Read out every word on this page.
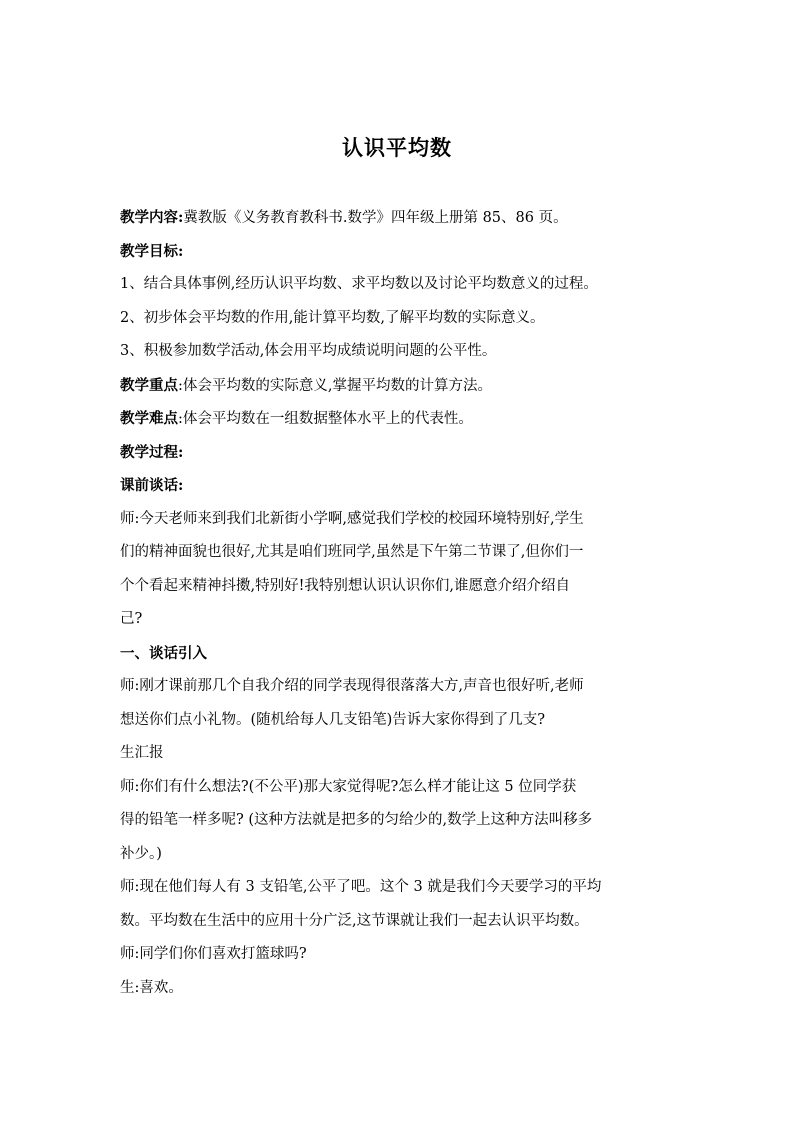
认识平均数
教学内容:冀教版《义务教育教科书.数学》四年级上册第 85、86 页。
教学目标:
1、结合具体事例,经历认识平均数、求平均数以及讨论平均数意义的过程。
2、初步体会平均数的作用,能计算平均数,了解平均数的实际意义。
3、积极参加数学活动,体会用平均成绩说明问题的公平性。
教学重点:体会平均数的实际意义,掌握平均数的计算方法。
教学难点:体会平均数在一组数据整体水平上的代表性。
教学过程:
课前谈话:
师:今天老师来到我们北新街小学啊,感觉我们学校的校园环境特别好,学生
们的精神面貌也很好,尤其是咱们班同学,虽然是下午第二节课了,但你们一
个个看起来精神抖擞,特别好!我特别想认识认识你们,谁愿意介绍介绍自
己?
一、谈话引入
师:刚才课前那几个自我介绍的同学表现得很落落大方,声音也很好听,老师
想送你们点小礼物。(随机给每人几支铅笔)告诉大家你得到了几支?
生汇报
师:你们有什么想法?(不公平)那大家觉得呢?怎么样才能让这 5 位同学获
得的铅笔一样多呢? (这种方法就是把多的匀给少的,数学上这种方法叫移多
补少。)
师:现在他们每人有 3 支铅笔,公平了吧。这个 3 就是我们今天要学习的平均
数。平均数在生活中的应用十分广泛,这节课就让我们一起去认识平均数。
师:同学们你们喜欢打篮球吗?
生:喜欢。
